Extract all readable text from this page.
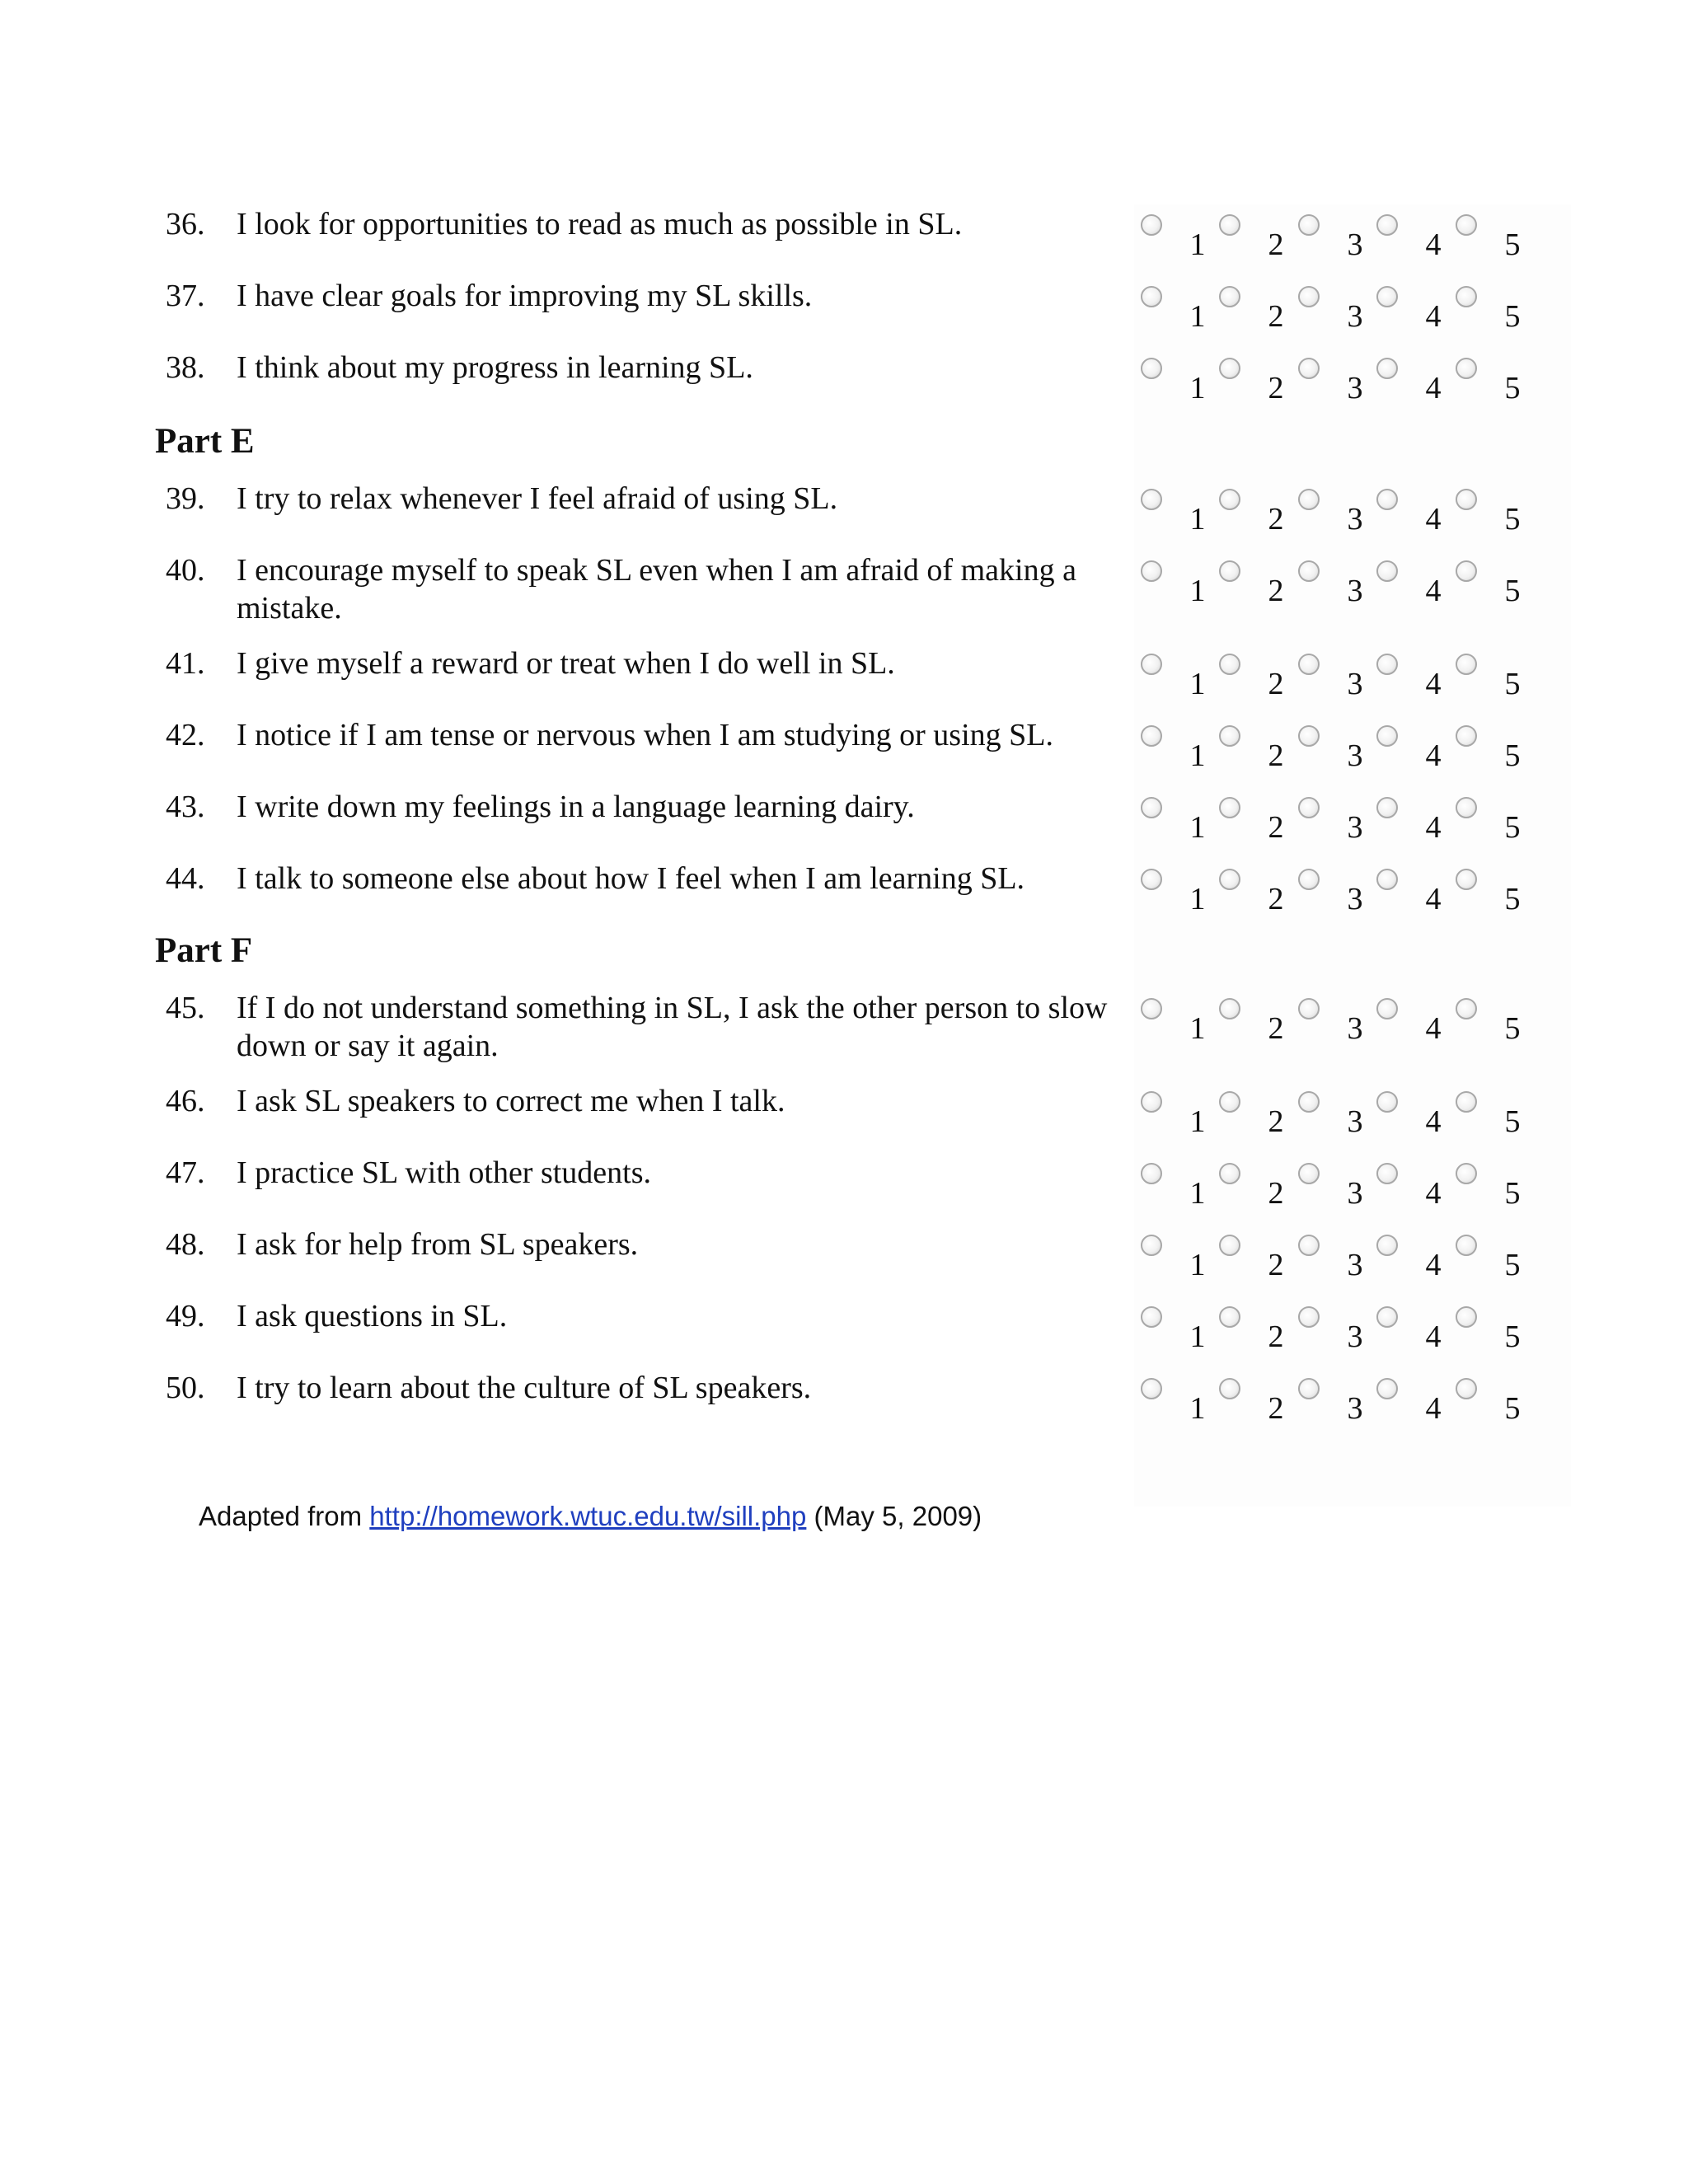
36. I look for opportunities to read as much as possible in SL.
1 2 3 4 5
37. I have clear goals for improving my SL skills.
1 2 3 4 5
38. I think about my progress in learning SL.
1 2 3 4 5
Part E
39. I try to relax whenever I feel afraid of using SL.
1 2 3 4 5
40. I encourage myself to speak SL even when I am afraid of making a mistake.	1 2 3 4 5
41. I give myself a reward or treat when I do well in SL.
1 2 3 4 5
42. I notice if I am tense or nervous when I am studying or using SL.
1 2 3 4 5
43. I write down my feelings in a language learning dairy.
1 2 3 4 5
44. I talk to someone else about how I feel when I am learning SL.
1 2 3 4 5
Part F
45. If I do not understand something in SL, I ask the other person to slow down or say it again.	1 2 3 4 5
46. I ask SL speakers to correct me when I talk.
1 2 3 4 5
47. I practice SL with other students.
1 2 3 4 5
48. I ask for help from SL speakers.
1 2 3 4 5
49. I ask questions in SL.
1 2 3 4 5
50. I try to learn about the culture of SL speakers.
1 2 3 4 5
Adapted from http://homework.wtuc.edu.tw/sill.php (May 5, 2009)
